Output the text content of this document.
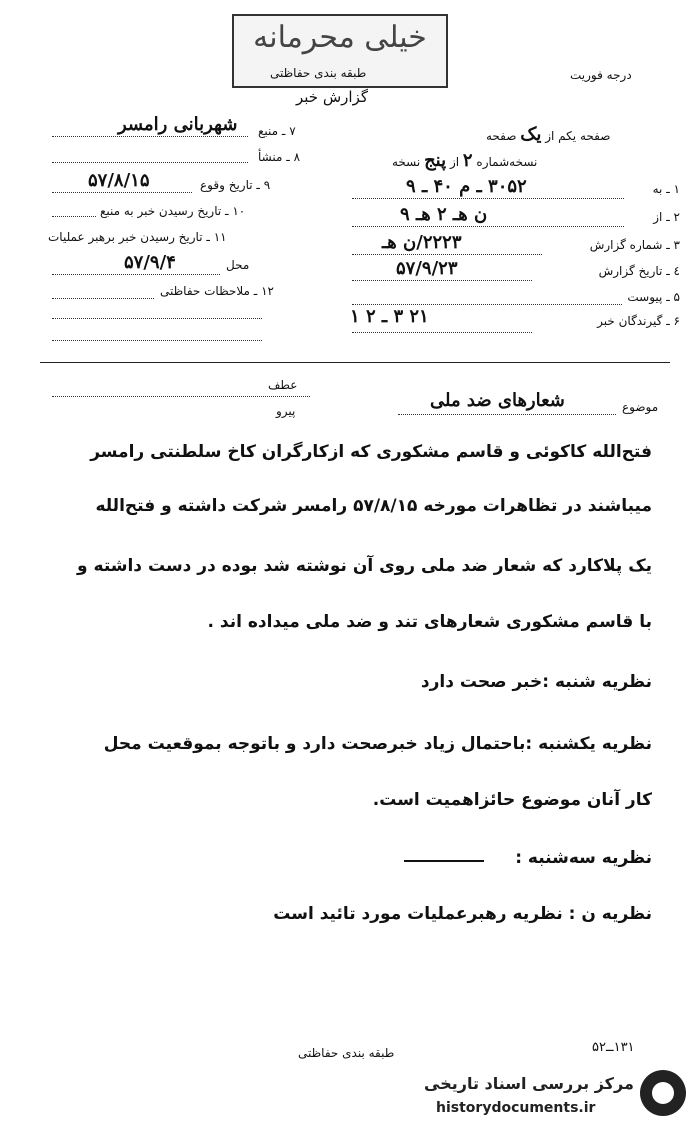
خیلی محرمانه
طبقه بندی حفاظتی	درجه فوریت
گزارش خبر
صفحه یکم از یک صفحه
نسخه‌شماره ۲ از پنج نسخه
۱ ـ به
۳۰۵۲ ـ م ۴۰ ـ ۹
۲ ـ از
ن هـ ۲ هـ ۹
۳ ـ شماره گزارش
۲۲۲۳/ن هـ
٤ ـ تاریخ گزارش
۵۷/۹/۲۳
۵ ـ پیوست
۶ ـ گیرندگان خبر
۲۱ ۳ ـ ۲ ۱
۷ ـ منبع
شهربانی رامسر
۸ ـ منشأ
۹ ـ تاریخ وقوع
۵۷/۸/۱۵
۱۰ ـ تاریخ رسیدن خبر به منبع
۱۱ ـ تاریخ رسیدن خبر برهبر عملیات
محل
۵۷/۹/۴
۱۲ ـ ملاحظات حفاظتی
موضوع
شعارهای ضد ملی
عطف
پیرو
فتح‌الله کاکوئی و قاسم مشکوری که ازکارگران کاخ سلطنتی رامسر
میباشند در تظاهرات مورخه ۵۷/۸/۱۵ رامسر شرکت داشته‌ و فتح‌الله
یک پلاکارد که شعار ضد ملی روی آن نوشته شد بوده در دست داشته و
با قاسم مشکوری شعارهای تند و ضد ملی میداده اند .
نظریه شنبه :خبر صحت دارد
نظریه یکشنبه :باحتمال زیاد خبرصحت دارد و باتوجه بموقعیت محل
کار آنان موضوع حائزاهمیت است.
نظریه سه‌شنبه :
نظریه ن : نظریه رهبرعملیات مورد تائید است
طبقه بندی حفاظتی	۱۳۱ــ۵۲
مرکز بررسی اسناد تاریخی
historydocuments.ir
